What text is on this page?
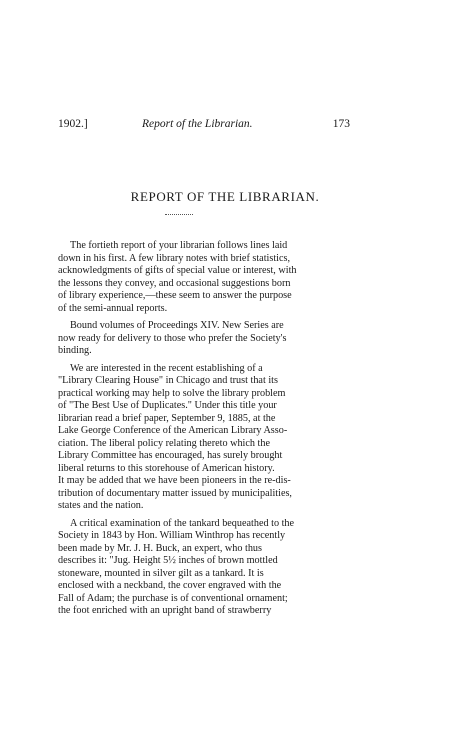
1902.]	Report of the Librarian.	173
REPORT OF THE LIBRARIAN.

The fortieth report of your librarian follows lines laid
down in his first. A few library notes with brief statistics,
acknowledgments of gifts of special value or interest, with
the lessons they convey, and occasional suggestions born
of library experience,—these seem to answer the purpose
of the semi-annual reports.

Bound volumes of Proceedings XIV. New Series are
now ready for delivery to those who prefer the Society's
binding.

We are interested in the recent establishing of a
"Library Clearing House" in Chicago and trust that its
practical working may help to solve the library problem
of "The Best Use of Duplicates." Under this title your
librarian read a brief paper, September 9, 1885, at the
Lake George Conference of the American Library Asso-
ciation. The liberal policy relating thereto which the
Library Committee has encouraged, has surely brought
liberal returns to this storehouse of American history.
It may be added that we have been pioneers in the re-dis-
tribution of documentary matter issued by municipalities,
states and the nation.

A critical examination of the tankard bequeathed to the
Society in 1843 by Hon. William Winthrop has recently
been made by Mr. J. H. Buck, an expert, who thus
describes it: "Jug. Height 5½ inches of brown mottled
stoneware, mounted in silver gilt as a tankard. It is
enclosed with a neckband, the cover engraved with the
Fall of Adam; the purchase is of conventional ornament;
the foot enriched with an upright band of strawberry
